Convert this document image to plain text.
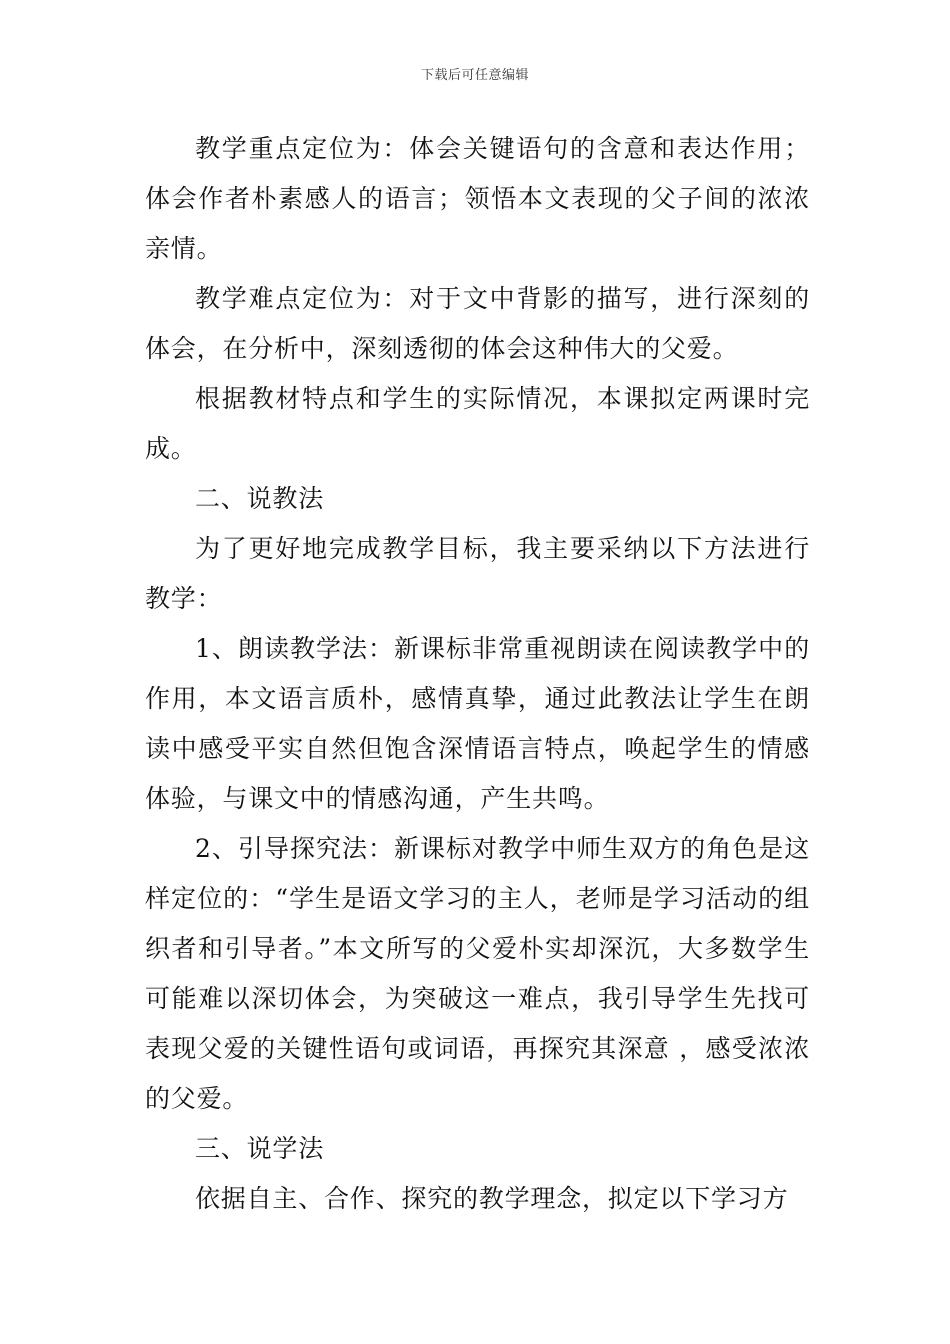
下载后可任意编辑

教学重点定位为：体会关键语句的含意和表达作用；体会作者朴素感人的语言；领悟本文表现的父子间的浓浓亲情。

教学难点定位为：对于文中背影的描写，进行深刻的体会，在分析中，深刻透彻的体会这种伟大的父爱。

根据教材特点和学生的实际情况，本课拟定两课时完成。

二、说教法

为了更好地完成教学目标，我主要采纳以下方法进行教学：

1、朗读教学法：新课标非常重视朗读在阅读教学中的作用，本文语言质朴，感情真挚，通过此教法让学生在朗读中感受平实自然但饱含深情语言特点，唤起学生的情感体验，与课文中的情感沟通，产生共鸣。

2、引导探究法：新课标对教学中师生双方的角色是这样定位的：“学生是语文学习的主人，老师是学习活动的组织者和引导者。”本文所写的父爱朴实却深沉，大多数学生可能难以深切体会，为突破这一难点，我引导学生先找可表现父爱的关键性语句或词语，再探究其深意 ，感受浓浓的父爱。

三、说学法

依据自主、合作、探究的教学理念，拟定以下学习方
